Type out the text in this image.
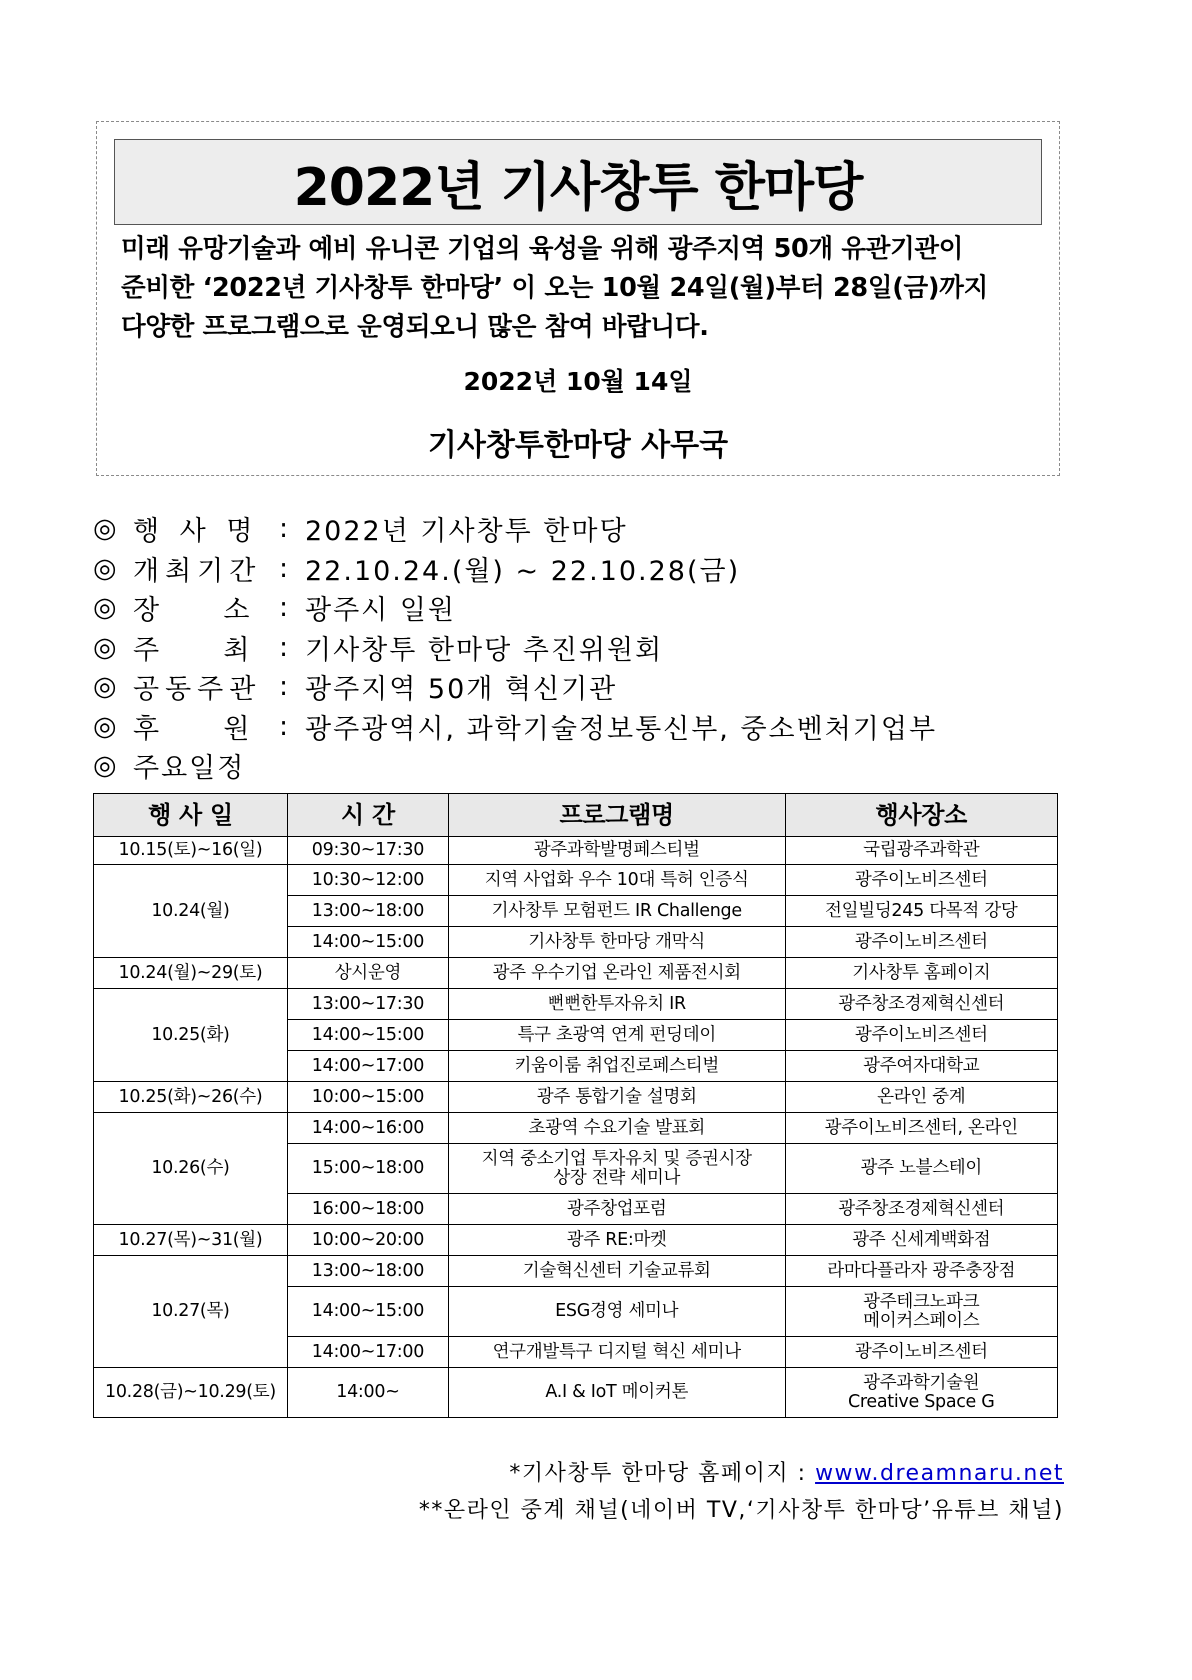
2022년 기사창투 한마당
미래 유망기술과 예비 유니콘 기업의 육성을 위해 광주지역 50개 유관기관이
준비한 ‘2022년 기사창투 한마당’ 이 오는 10월 24일(월)부터 28일(금)까지
다양한 프로그램으로 운영되오니 많은 참여 바랍니다.
2022년 10월 14일
기사창투한마당 사무국
◎ 행 사 명 : 2022년 기사창투 한마당
◎ 개최기간 : 22.10.24.(월) ~ 22.10.28(금)
◎ 장    소 : 광주시 일원
◎ 주    최 : 기사창투 한마당 추진위원회
◎ 공동주관 : 광주지역 50개 혁신기관
◎ 후    원 : 광주광역시, 과학기술정보통신부, 중소벤처기업부
◎ 주요일정
행 사 일	시 간	프로그램명	행사장소
10.15(토)~16(일)	09:30~17:30	광주과학발명페스티벌	국립광주과학관
10.24(월)	10:30~12:00	지역 사업화 우수 10대 특허 인증식	광주이노비즈센터
	13:00~18:00	기사창투 모험펀드 IR Challenge	전일빌딩245 다목적 강당
	14:00~15:00	기사창투 한마당 개막식	광주이노비즈센터
10.24(월)~29(토)	상시운영	광주 우수기업 온라인 제품전시회	기사창투 홈페이지
10.25(화)	13:00~17:30	뻔뻔한투자유치 IR	광주창조경제혁신센터
	14:00~15:00	특구 초광역 연계 펀딩데이	광주이노비즈센터
	14:00~17:00	키움이룸 취업진로페스티벌	광주여자대학교
10.25(화)~26(수)	10:00~15:00	광주 통합기술 설명회	온라인 중계
10.26(수)	14:00~16:00	초광역 수요기술 발표회	광주이노비즈센터, 온라인
	15:00~18:00	지역 중소기업 투자유치 및 증권시장
상장 전략 세미나	광주 노블스테이
	16:00~18:00	광주창업포럼	광주창조경제혁신센터
10.27(목)~31(월)	10:00~20:00	광주 RE:마켓	광주 신세계백화점
10.27(목)	13:00~18:00	기술혁신센터 기술교류회	라마다플라자 광주충장점
	14:00~15:00	ESG경영 세미나	광주테크노파크
메이커스페이스
	14:00~17:00	연구개발특구 디지털 혁신 세미나	광주이노비즈센터
10.28(금)~10.29(토)	14:00~	A.I & IoT 메이커톤	광주과학기술원
Creative Space G
*기사창투 한마당 홈페이지 : www.dreamnaru.net
**온라인 중계 채널(네이버 TV,‘기사창투 한마당’유튜브 채널)
